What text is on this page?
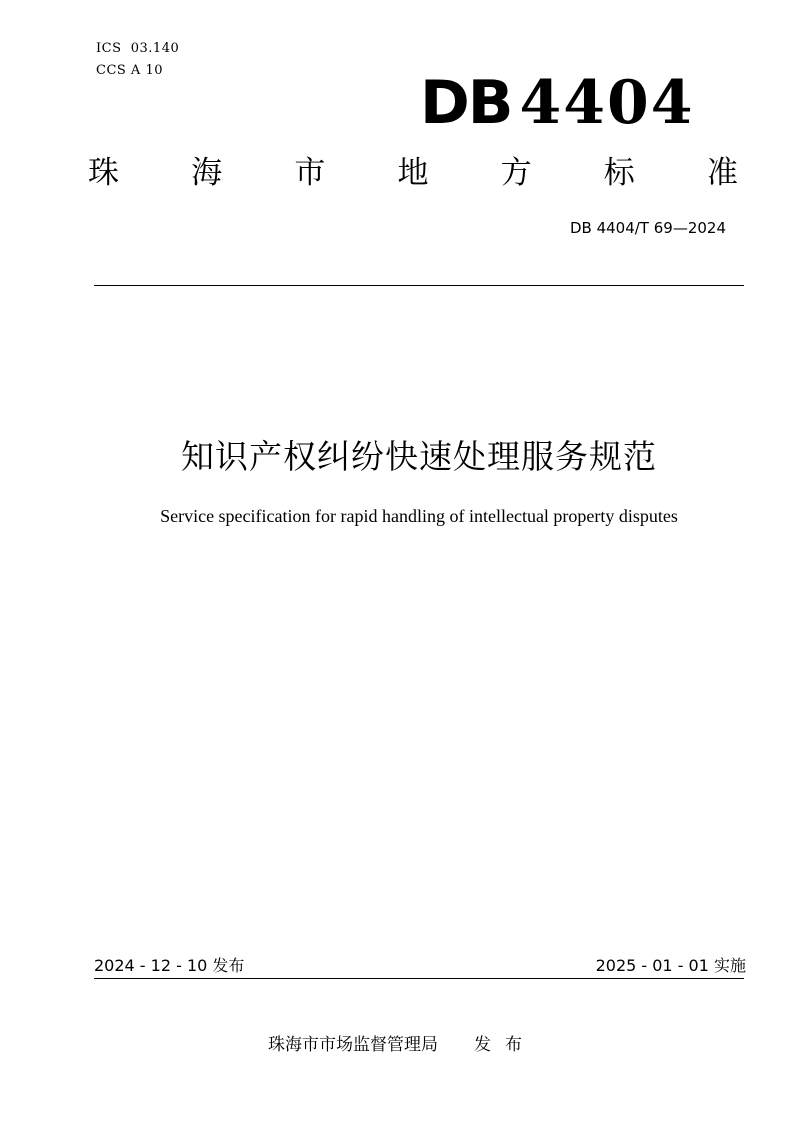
ICS  03.140
CCS A 10	DB 4404
珠 海 市 地 方 标 准
DB 4404/T 69—2024
知识产权纠纷快速处理服务规范
Service specification for rapid handling of intellectual property disputes
2024 - 12 - 10 发布	2025 - 01 - 01 实施
珠海市市场监督管理局 发布
